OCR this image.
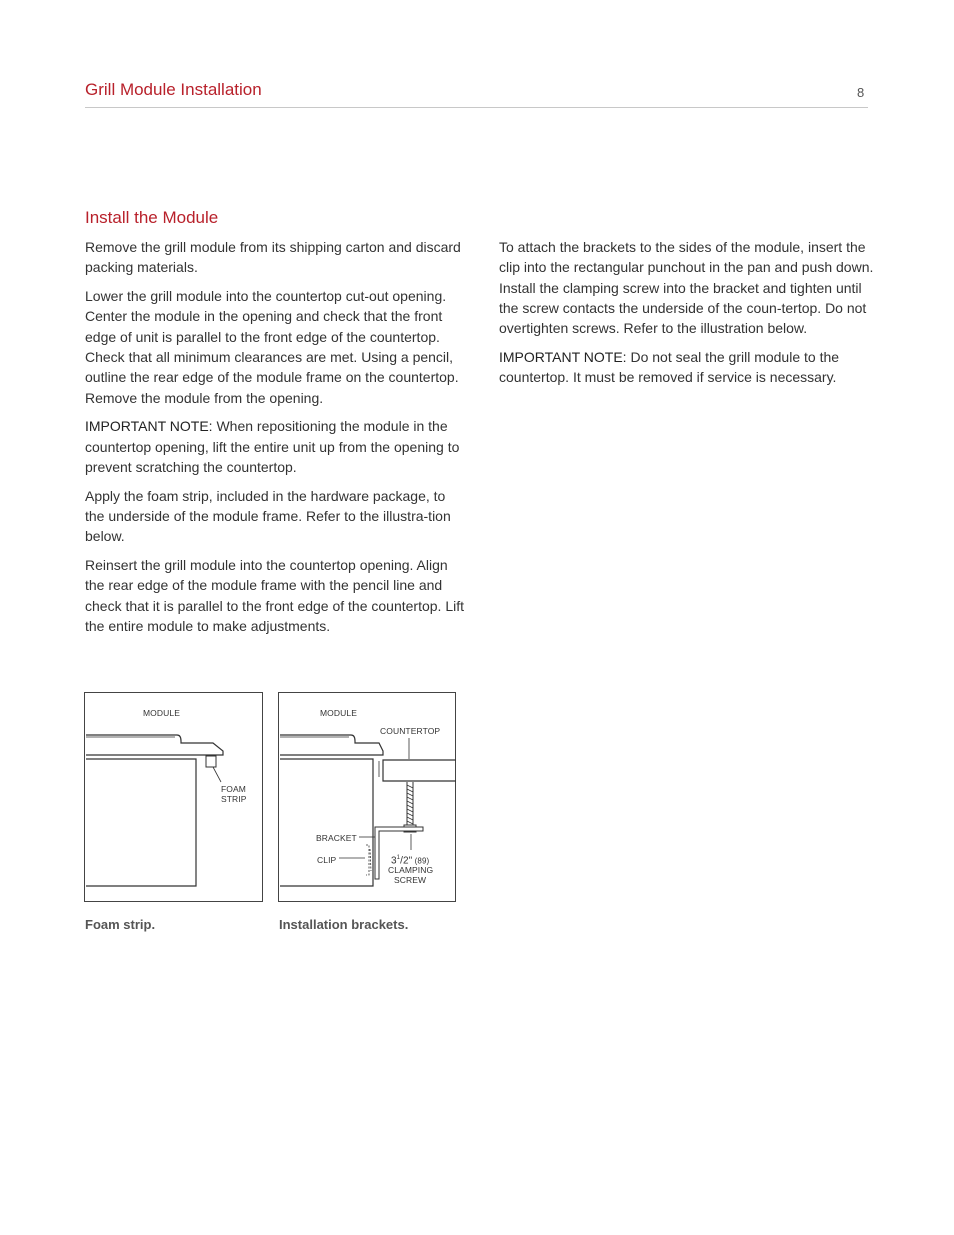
Grill Module Installation	8
Install the Module

Remove the grill module from its shipping carton and discard packing materials.

Lower the grill module into the countertop cut-out opening. Center the module in the opening and check that the front edge of unit is parallel to the front edge of the countertop. Check that all minimum clearances are met. Using a pencil, outline the rear edge of the module frame on the countertop. Remove the module from the opening.

IMPORTANT NOTE: When repositioning the module in the countertop opening, lift the entire unit up from the opening to prevent scratching the countertop.

Apply the foam strip, included in the hardware package, to the underside of the module frame. Refer to the illustra-tion below.

Reinsert the grill module into the countertop opening. Align the rear edge of the module frame with the pencil line and check that it is parallel to the front edge of the countertop. Lift the entire module to make adjustments.

To attach the brackets to the sides of the module, insert the clip into the rectangular punchout in the pan and push down. Install the clamping screw into the bracket and tighten until the screw contacts the underside of the coun-tertop. Do not overtighten screws. Refer to the illustration below.

IMPORTANT NOTE: Do not seal the grill module to the countertop. It must be removed if service is necessary.

MODULE
FOAM
STRIP
MODULE
COUNTERTOP
BRACKET
CLIP	$3^1/2$" (89)
CLAMPING
SCREW
Foam strip.	Installation brackets.
